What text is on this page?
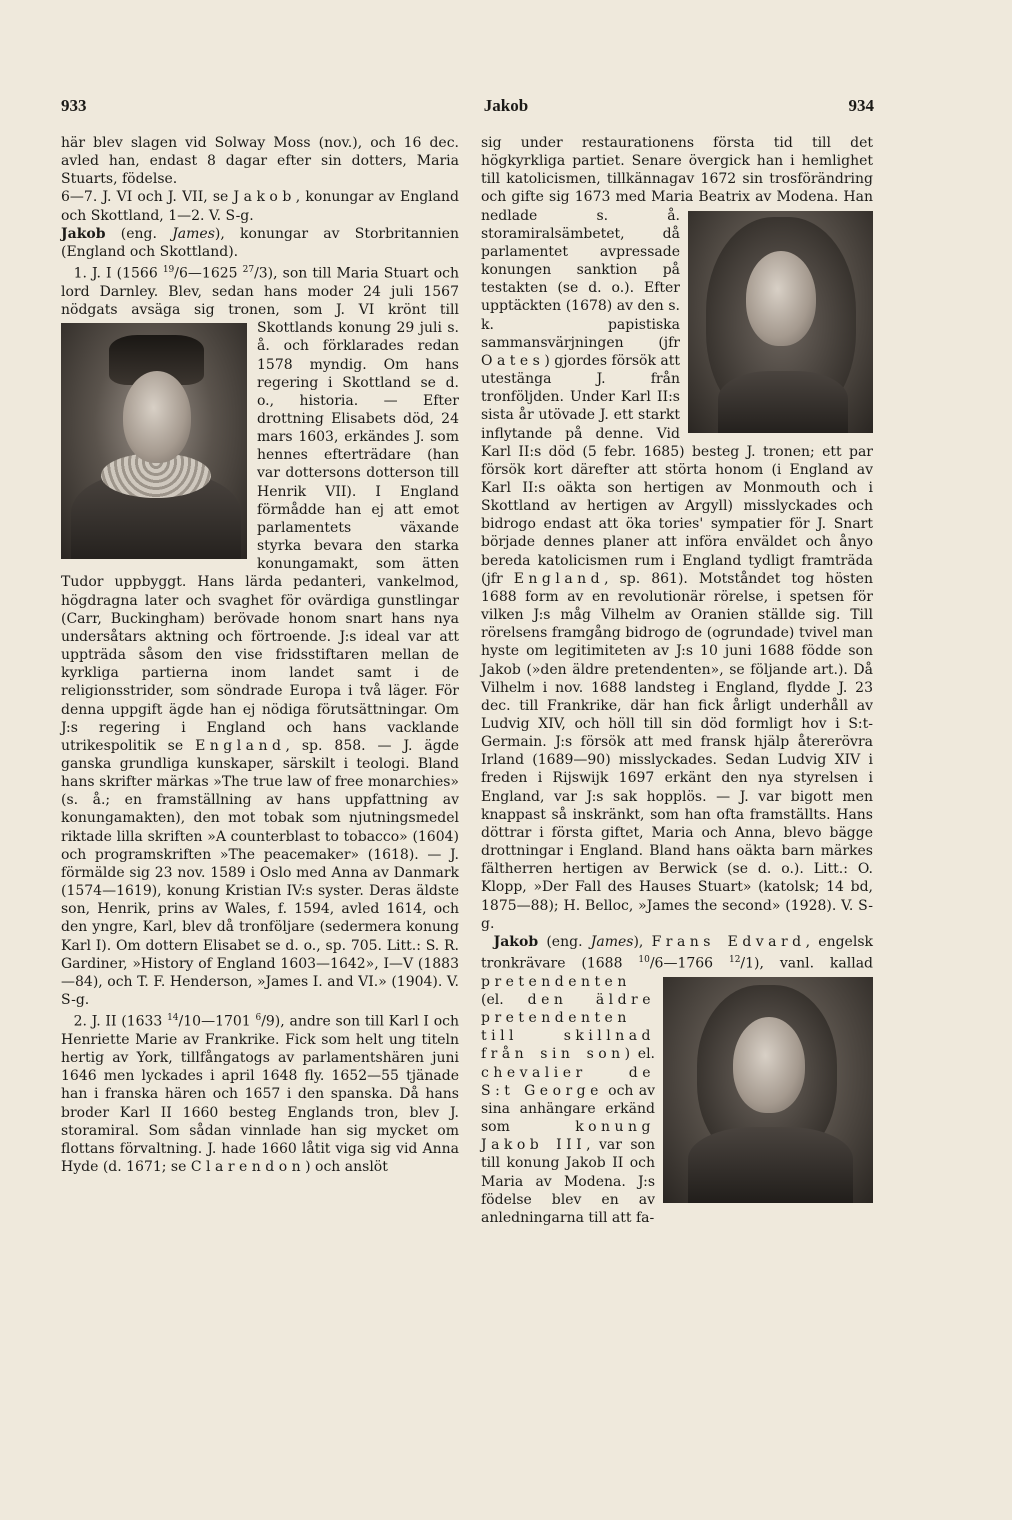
933	Jakob	934

här blev slagen vid Solway Moss (nov.), och 16 dec. avled han, endast 8 dagar efter sin dotters, Maria Stuarts, födelse.

6—7. J. VI och J. VII, se Jakob, konungar av England och Skottland, 1—2. V. S-g.

Jakob (eng. James), konungar av Storbritannien (England och Skottland).

1. J. I (1566 $^{19}$/6—1625 $^{27}$/3), son till Maria Stuart och lord Darnley. Blev, sedan hans moder 24 juli 1567 nödgats avsäga sig tronen, som J. VI krönt till Skottlands konung 29
juli s. å. och förklarades redan 1578 myndig. Om hans regering i Skottland se d. o., historia. — Efter drottning Elisabets död, 24 mars 1603, erkändes J. som hennes efterträdare (han var dottersons dotterson till Henrik VII). I England förmådde han ej att emot parlamentets växande styrka bevara den starka konungamakt, som ätten Tudor uppbyggt. Hans lärda pedanteri, vankelmod, högdragna later och svaghet för ovärdiga gunstlingar (Carr, Buckingham) berövade honom snart hans nya undersåtars aktning och förtroende. J:s ideal var att uppträda såsom den vise fridsstiftaren mellan de kyrkliga partierna inom landet samt i de religionsstrider, som söndrade Europa i två läger. För denna uppgift ägde han ej nödiga förutsättningar. Om J:s regering i England och hans vacklande utrikespolitik se England, sp. 858. — J. ägde ganska grundliga kunskaper, särskilt i teologi. Bland hans skrifter märkas »The true law of free monarchies» (s. å.; en framställning av hans uppfattning av konungamakten), den mot tobak som njutningsmedel riktade lilla skriften »A counterblast to tobacco» (1604) och programskriften »The peacemaker» (1618). — J. förmälde sig 23 nov. 1589 i Oslo med Anna av Danmark (1574—1619), konung Kristian IV:s syster. Deras äldste son, Henrik, prins av Wales, f. 1594, avled 1614, och den yngre, Karl, blev då tronföljare (sedermera konung Karl I). Om dottern Elisabet se d. o., sp. 705. Litt.: S. R. Gardiner, »History of England 1603—1642», I—V (1883—84), och T. F. Henderson, »James I. and VI.» (1904). V. S-g.

2. J. II (1633 $^{14}$/10—1701 $^6$/9), andre son till Karl I och Henriette Marie av Frankrike. Fick som helt ung titeln hertig av York, tillfångatogs av parlamentshären juni 1646 men lyckades i april 1648 fly. 1652—55 tjänade han i franska hären och 1657 i den spanska. Då hans broder Karl II 1660 besteg Englands tron, blev J. storamiral. Som sådan vinnlade han sig mycket om flottans förvaltning. J. hade 1660 låtit viga sig vid Anna Hyde (d. 1671; se Clarendon) och anslöt

sig under restaurationens första tid till det högkyrkliga partiet. Senare övergick han i hemlighet till katolicismen, tillkännagav 1672 sin trosförändring och gifte sig 1673 med Maria Beatrix
av Modena. Han nedlade s. å. storamiralsämbetet, då parlamentet avpressade konungen sanktion på testakten (se d. o.). Efter upptäckten (1678) av den s. k. papistiska sammansvärjningen (jfr Oates) gjordes försök att utestänga J. från tronföljden. Under Karl II:s sista år utövade J. ett starkt inflytande på denne. Vid Karl II:s död (5 febr. 1685) besteg J. tronen; ett par försök kort därefter att störta honom (i England av Karl II:s oäkta son hertigen av Monmouth och i Skottland av hertigen av Argyll) misslyckades och bidrogo endast att öka tories' sympatier för J. Snart började dennes planer att införa enväldet och ånyo bereda katolicismen rum i England tydligt framträda (jfr England, sp. 861). Motståndet tog hösten 1688 form av en revolutionär rörelse, i spetsen för vilken J:s måg Vilhelm av Oranien ställde sig. Till rörelsens framgång bidrogo de (ogrundade) tvivel man hyste om legitimiteten av J:s 10 juni 1688 födde son Jakob (»den äldre pretendenten», se följande art.). Då Vilhelm i nov. 1688 landsteg i England, flydde J. 23 dec. till Frankrike, där han fick årligt underhåll av Ludvig XIV, och höll till sin död formligt hov i S:t-Germain. J:s försök att med fransk hjälp återerövra Irland (1689—90) misslyckades. Sedan Ludvig XIV i freden i Rijswijk 1697 erkänt den nya styrelsen i England, var J:s sak hopplös. — J. var bigott men knappast så inskränkt, som han ofta framställts. Hans döttrar i första giftet, Maria och Anna, blevo bägge drottningar i England. Bland hans oäkta barn märkes fältherren hertigen av Berwick (se d. o.). Litt.: O. Klopp, »Der Fall des Hauses Stuart» (katolsk; 14 bd, 1875—88); H. Belloc, »James the second» (1928). V. S-g.

Jakob (eng. James), Frans Edvard, engelsk tronkrävare (1688 $^{10}$/6—1766 $^{12}$/1), vanl. kallad pretendenten
(el. den äldre pretendenten till skillnad från sin son) el. chevalier de S:t George och av sina anhängare erkänd som konung Jakob III, var son till konung Jakob II och Maria av Modena. J:s födelse blev en av anledningarna till att fa-
